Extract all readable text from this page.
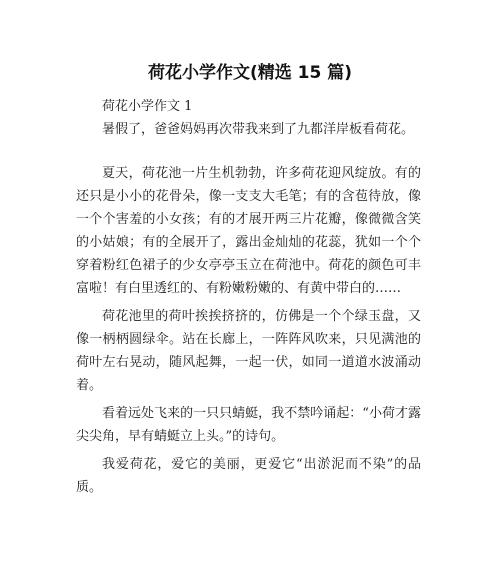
荷花小学作文(精选 15 篇)

荷花小学作文 1

暑假了，爸爸妈妈再次带我来到了九都洋岸板看荷花。

夏天，荷花池一片生机勃勃，许多荷花迎风绽放。有的还只是小小的花骨朵，像一支支大毛笔；有的含苞待放，像一个个害羞的小女孩；有的才展开两三片花瓣，像微微含笑的小姑娘；有的全展开了，露出金灿灿的花蕊，犹如一个个穿着粉红色裙子的少女亭亭玉立在荷池中。荷花的颜色可丰富啦！有白里透红的、有粉嫩粉嫩的、有黄中带白的……

荷花池里的荷叶挨挨挤挤的，仿佛是一个个绿玉盘，又像一柄柄圆绿伞。站在长廊上，一阵阵风吹来，只见满池的荷叶左右晃动，随风起舞，一起一伏，如同一道道水波涌动着。

看着远处飞来的一只只蜻蜓，我不禁吟诵起：“小荷才露尖尖角，早有蜻蜓立上头。”的诗句。

我爱荷花，爱它的美丽，更爱它“出淤泥而不染”的品质。
